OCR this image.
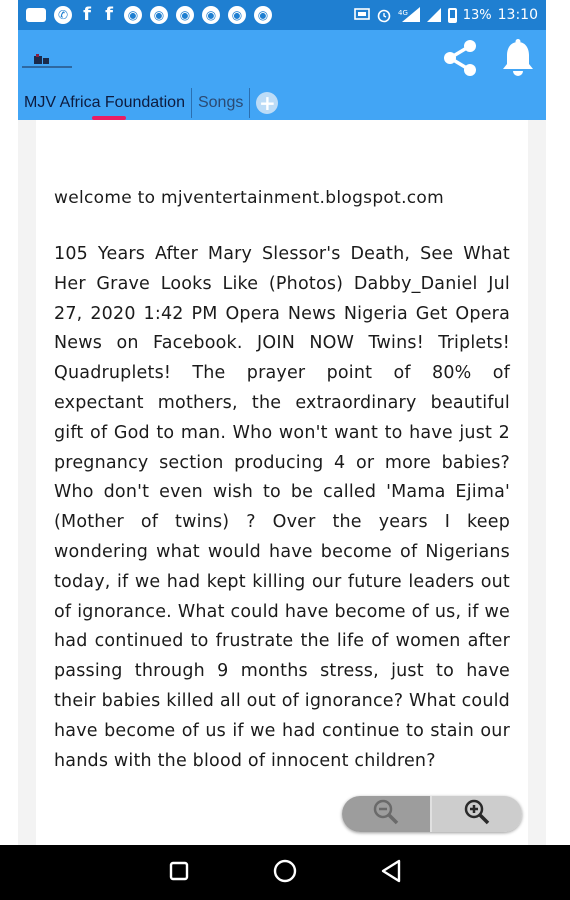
✆ f f	◉	◉	◉	◉	◉	◉	4G	13% 13:10
MJV Africa Foundation Songs +
welcome to mjventertainment.blogspot.com
105 Years After Mary Slessor's Death, See What Her Grave Looks Like (Photos) Dabby_Daniel Jul 27, 2020 1:42 PM Opera News Nigeria Get Opera News on Facebook. JOIN NOW Twins! Triplets! Quadruplets! The prayer point of 80% of expectant mothers, the extraordinary beautiful gift of God to man. Who won't want to have just 2 pregnancy section producing 4 or more babies? Who don't even wish to be called 'Mama Ejima' (Mother of twins) ? Over the years I keep wondering what would have become of Nigerians today, if we had kept killing our future leaders out of ignorance. What could have become of us, if we had continued to frustrate the life of women after passing through 9 months stress, just to have their babies killed all out of ignorance? What could have become of us if we had continue to stain our hands with the blood of innocent children?
